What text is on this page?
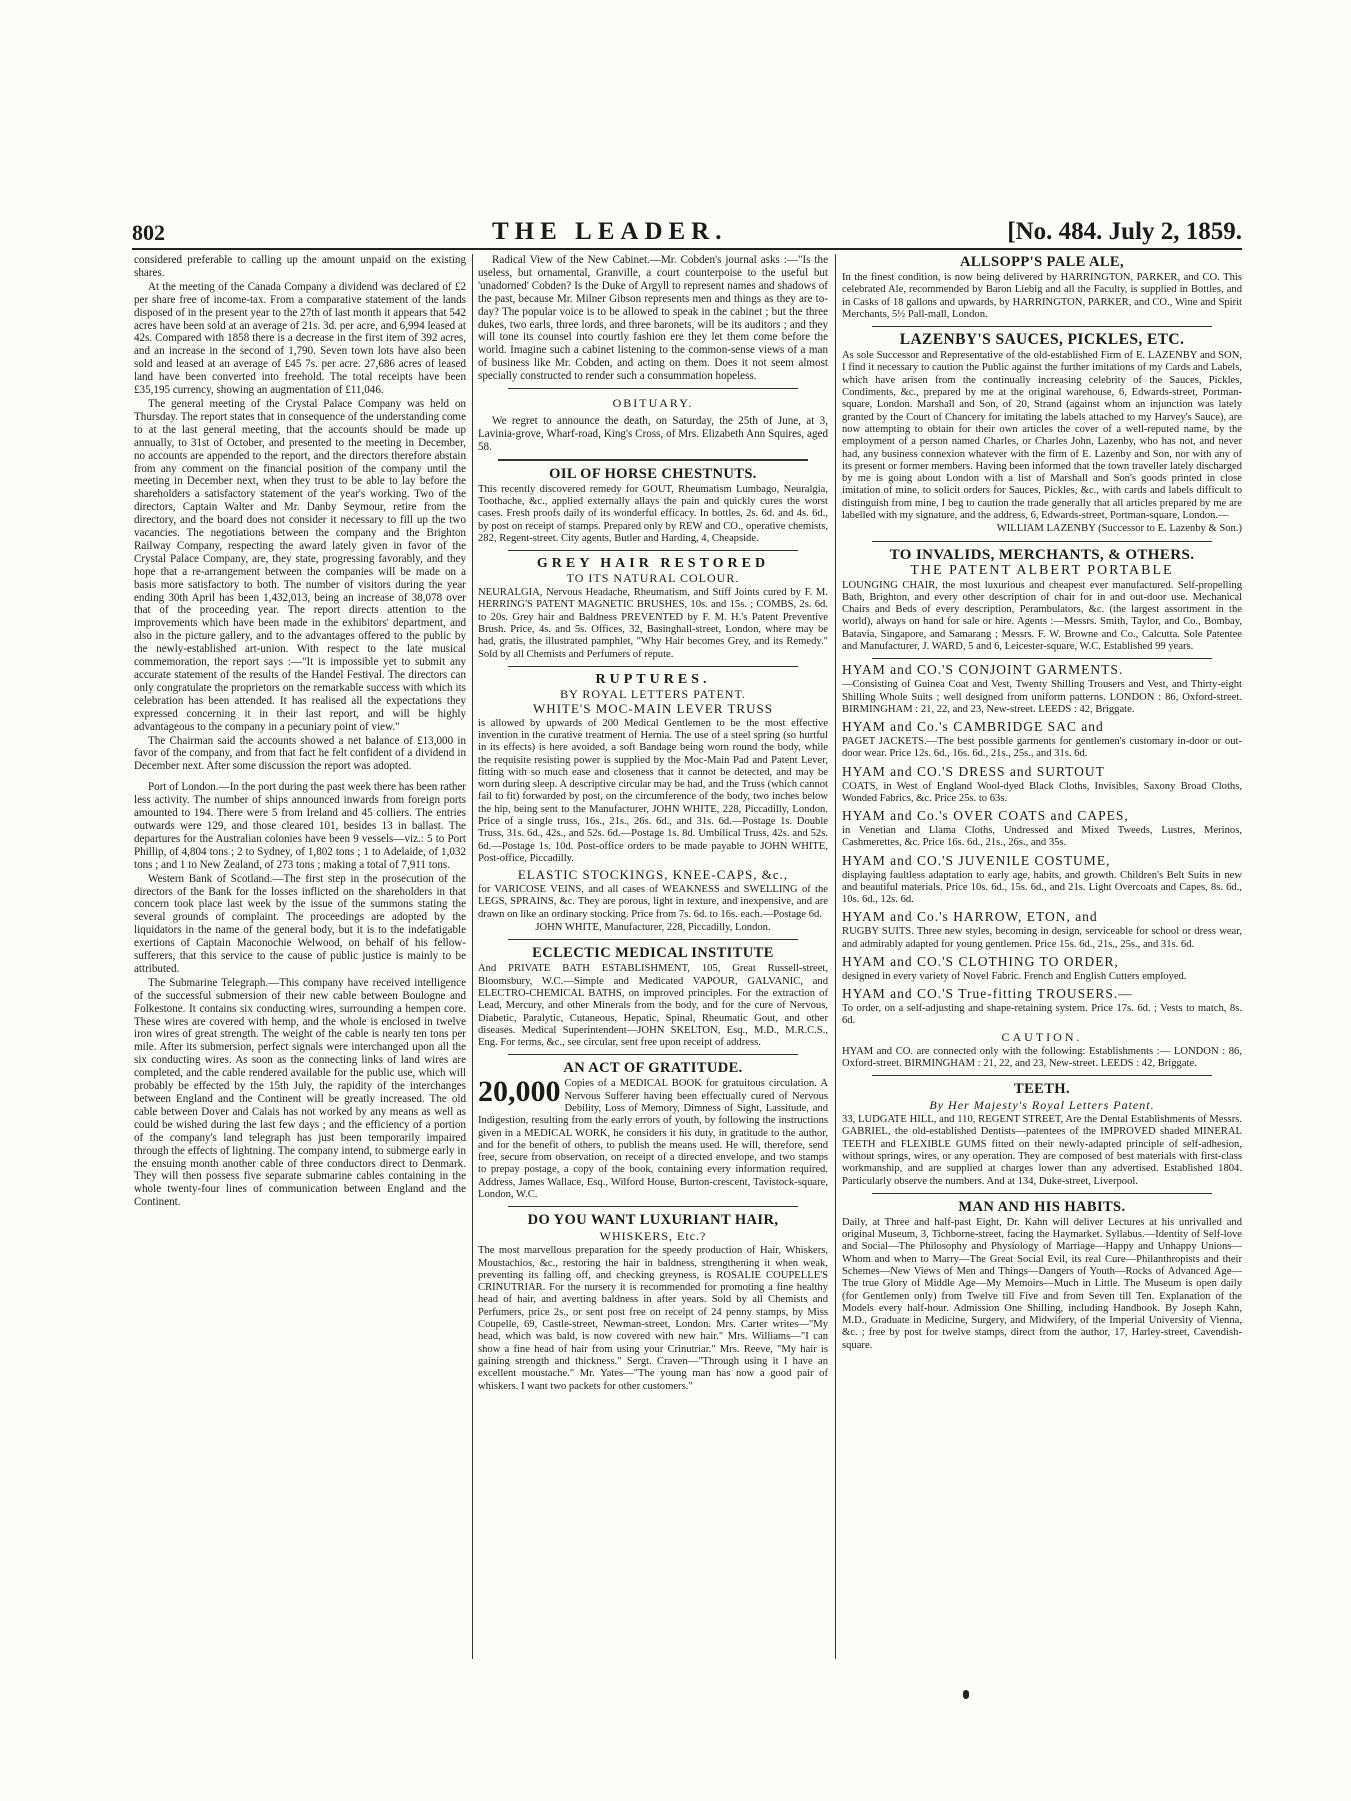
802	THE LEADER.	[No. 484. July 2, 1859.

considered preferable to calling up the amount unpaid on the existing shares.

At the meeting of the Canada Company a dividend was declared of £2 per share free of income-tax. From a comparative statement of the lands disposed of in the present year to the 27th of last month it appears that 542 acres have been sold at an average of 21s. 3d. per acre, and 6,994 leased at 42s. Compared with 1858 there is a decrease in the first item of 392 acres, and an increase in the second of 1,790. Seven town lots have also been sold and leased at an average of £45 7s. per acre. 27,686 acres of leased land have been converted into freehold. The total receipts have been £35,195 currency, showing an augmentation of £11,046.

The general meeting of the Crystal Palace Company was held on Thursday. The report states that in consequence of the understanding come to at the last general meeting, that the accounts should be made up annually, to 31st of October, and presented to the meeting in December, no accounts are appended to the report, and the directors therefore abstain from any comment on the financial position of the company until the meeting in December next, when they trust to be able to lay before the shareholders a satisfactory statement of the year's working. Two of the directors, Captain Walter and Mr. Danby Seymour, retire from the directory, and the board does not consider it necessary to fill up the two vacancies. The negotiations between the company and the Brighton Railway Company, respecting the award lately given in favor of the Crystal Palace Company, are, they state, progressing favorably, and they hope that a re-arrangement between the companies will be made on a basis more satisfactory to both. The number of visitors during the year ending 30th April has been 1,432,013, being an increase of 38,078 over that of the proceeding year. The report directs attention to the improvements which have been made in the exhibitors' department, and also in the picture gallery, and to the advantages offered to the public by the newly-established art-union. With respect to the late musical commemoration, the report says :—"It is impossible yet to submit any accurate statement of the results of the Handel Festival. The directors can only congratulate the proprietors on the remarkable success with which its celebration has been attended. It has realised all the expectations they expressed concerning it in their last report, and will be highly advantageous to the company in a pecuniary point of view."

The Chairman said the accounts showed a net balance of £13,000 in favor of the company, and from that fact he felt confident of a dividend in December next. After some discussion the report was adopted.

Port of London.—In the port during the past week there has been rather less activity. The number of ships announced inwards from foreign ports amounted to 194. There were 5 from Ireland and 45 colliers. The entries outwards were 129, and those cleared 101, besides 13 in ballast. The departures for the Australian colonies have been 9 vessels—viz.: 5 to Port Phillip, of 4,804 tons ; 2 to Sydney, of 1,802 tons ; 1 to Adelaide, of 1,032 tons ; and 1 to New Zealand, of 273 tons ; making a total of 7,911 tons.

Western Bank of Scotland.—The first step in the prosecution of the directors of the Bank for the losses inflicted on the shareholders in that concern took place last week by the issue of the summons stating the several grounds of complaint. The proceedings are adopted by the liquidators in the name of the general body, but it is to the indefatigable exertions of Captain Maconochie Welwood, on behalf of his fellow-sufferers, that this service to the cause of public justice is mainly to be attributed.

The Submarine Telegraph.—This company have received intelligence of the successful submersion of their new cable between Boulogne and Folkestone. It contains six conducting wires, surrounding a hempen core. These wires are covered with hemp, and the whole is enclosed in twelve iron wires of great strength. The weight of the cable is nearly ten tons per mile. After its submersion, perfect signals were interchanged upon all the six conducting wires. As soon as the connecting links of land wires are completed, and the cable rendered available for the public use, which will probably be effected by the 15th July, the rapidity of the interchanges between England and the Continent will be greatly increased. The old cable between Dover and Calais has not worked by any means as well as could be wished during the last few days ; and the efficiency of a portion of the company's land telegraph has just been temporarily impaired through the effects of lightning. The company intend, to submerge early in the ensuing month another cable of three conductors direct to Denmark. They will then possess five separate submarine cables containing in the whole twenty-four lines of communication between England and the Continent.

Radical View of the New Cabinet.—Mr. Cobden's journal asks :—"Is the useless, but ornamental, Granville, a court counterpoise to the useful but 'unadorned' Cobden? Is the Duke of Argyll to represent names and shadows of the past, because Mr. Milner Gibson represents men and things as they are to-day? The popular voice is to be allowed to speak in the cabinet ; but the three dukes, two earls, three lords, and three baronets, will be its auditors ; and they will tone its counsel into courtly fashion ere they let them come before the world. Imagine such a cabinet listening to the common-sense views of a man of business like Mr. Cobden, and acting on them. Does it not seem almost specially constructed to render such a consummation hopeless.

OBITUARY.

We regret to announce the death, on Saturday, the 25th of June, at 3, Lavinia-grove, Wharf-road, King's Cross, of Mrs. Elizabeth Ann Squires, aged 58.

OIL OF HORSE CHESTNUTS.

This recently discovered remedy for GOUT, Rheumatism Lumbago, Neuralgia, Toothache, &c., applied externally allays the pain and quickly cures the worst cases. Fresh proofs daily of its wonderful efficacy. In bottles, 2s. 6d. and 4s. 6d., by post on receipt of stamps. Prepared only by REW and CO., operative chemists, 282, Regent-street. City agents, Butler and Harding, 4, Cheapside.

GREY HAIR RESTORED
TO ITS NATURAL COLOUR.

NEURALGIA, Nervous Headache, Rheumatism, and Stiff Joints cured by F. M. HERRING'S PATENT MAGNETIC BRUSHES, 10s. and 15s. ; COMBS, 2s. 6d. to 20s. Grey hair and Baldness PREVENTED by F. M. H.'s Patent Preventive Brush. Price, 4s. and 5s. Offices, 32, Basinghall-street, London, where may be had, gratis, the illustrated pamphlet, "Why Hair becomes Grey, and its Remedy." Sold by all Chemists and Perfumers of repute.

RUPTURES.
BY ROYAL LETTERS PATENT.
WHITE'S MOC-MAIN LEVER TRUSS

is allowed by upwards of 200 Medical Gentlemen to be the most effective invention in the curative treatment of Hernia. The use of a steel spring (so hurtful in its effects) is here avoided, a soft Bandage being worn round the body, while the requisite resisting power is supplied by the Moc-Main Pad and Patent Lever, fitting with so much ease and closeness that it cannot be detected, and may be worn during sleep. A descriptive circular may be had, and the Truss (which cannot fail to fit) forwarded by post, on the circumference of the body, two inches below the hip, being sent to the Manufacturer, JOHN WHITE, 228, Piccadilly, London. Price of a single truss, 16s., 21s., 26s. 6d., and 31s. 6d.—Postage 1s. Double Truss, 31s. 6d., 42s., and 52s. 6d.—Postage 1s. 8d. Umbilical Truss, 42s. and 52s. 6d.—Postage 1s. 10d. Post-office orders to be made payable to JOHN WHITE, Post-office, Piccadilly.

ELASTIC STOCKINGS, KNEE-CAPS, &c.,

for VARICOSE VEINS, and all cases of WEAKNESS and SWELLING of the LEGS, SPRAINS, &c. They are porous, light in texture, and inexpensive, and are drawn on like an ordinary stocking. Price from 7s. 6d. to 16s. each.—Postage 6d.

JOHN WHITE, Manufacturer, 228, Piccadilly, London.

ECLECTIC MEDICAL INSTITUTE

And PRIVATE BATH ESTABLISHMENT, 105, Great Russell-street, Bloomsbury, W.C.—Simple and Medicated VAPOUR, GALVANIC, and ELECTRO-CHEMICAL BATHS, on improved principles. For the extraction of Lead, Mercury, and other Minerals from the body, and for the cure of Nervous, Diabetic, Paralytic, Cutaneous, Hepatic, Spinal, Rheumatic Gout, and other diseases. Medical Superintendent—JOHN SKELTON, Esq., M.D., M.R.C.S., Eng. For terms, &c., see circular, sent free upon receipt of address.

AN ACT OF GRATITUDE.

20,000 Copies of a MEDICAL BOOK for gratuitous circulation. A Nervous Sufferer having been effectually cured of Nervous Debility, Loss of Memory, Dimness of Sight, Lassitude, and Indigestion, resulting from the early errors of youth, by following the instructions given in a MEDICAL WORK, he considers it his duty, in gratitude to the author, and for the benefit of others, to publish the means used. He will, therefore, send free, secure from observation, on receipt of a directed envelope, and two stamps to prepay postage, a copy of the book, containing every information required. Address, James Wallace, Esq., Wilford House, Burton-crescent, Tavistock-square, London, W.C.

DO YOU WANT LUXURIANT HAIR,
WHISKERS, Etc.?

The most marvellous preparation for the speedy production of Hair, Whiskers, Moustachios, &c., restoring the hair in baldness, strengthening it when weak, preventing its falling off, and checking greyness, is ROSALIE COUPELLE'S CRINUTRIAR. For the nursery it is recommended for promoting a fine healthy head of hair, and averting baldness in after years. Sold by all Chemists and Perfumers, price 2s., or sent post free on receipt of 24 penny stamps, by Miss Coupelle, 69, Castle-street, Newman-street, London. Mrs. Carter writes—"My head, which was bald, is now covered with new hair." Mrs. Williams—"I can show a fine head of hair from using your Crinutriar." Mrs. Reeve, "My hair is gaining strength and thickness." Sergt. Craven—"Through using it I have an excellent moustache." Mr. Yates—"The young man has now a good pair of whiskers. I want two packets for other customers."

ALLSOPP'S PALE ALE,

In the finest condition, is now being delivered by HARRINGTON, PARKER, and CO. This celebrated Ale, recommended by Baron Liebig and all the Faculty, is supplied in Bottles, and in Casks of 18 gallons and upwards, by HARRINGTON, PARKER, and CO., Wine and Spirit Merchants, 5½ Pall-mall, London.

LAZENBY'S SAUCES, PICKLES, ETC.

As sole Successor and Representative of the old-established Firm of E. LAZENBY and SON, I find it necessary to caution the Public against the further imitations of my Cards and Labels, which have arisen from the continually increasing celebrity of the Sauces, Pickles, Condiments, &c., prepared by me at the original warehouse, 6, Edwards-street, Portman-square, London. Marshall and Son, of 20, Strand (against whom an injunction was lately granted by the Court of Chancery for imitating the labels attached to my Harvey's Sauce), are now attempting to obtain for their own articles the cover of a well-reputed name, by the employment of a person named Charles, or Charles John, Lazenby, who has not, and never had, any business connexion whatever with the firm of E. Lazenby and Son, nor with any of its present or former members. Having been informed that the town traveller lately discharged by me is going about London with a list of Marshall and Son's goods printed in close imitation of mine, to solicit orders for Sauces, Pickles, &c., with cards and labels difficult to distinguish from mine, I beg to caution the trade generally that all articles prepared by me are labelled with my signature, and the address, 6, Edwards-street, Portman-square, London.—

WILLIAM LAZENBY (Successor to E. Lazenby & Son.)

TO INVALIDS, MERCHANTS, & OTHERS.
THE PATENT ALBERT PORTABLE

LOUNGING CHAIR, the most luxurious and cheapest ever manufactured. Self-propelling Bath, Brighton, and every other description of chair for in and out-door use. Mechanical Chairs and Beds of every description, Perambulators, &c. (the largest assortment in the world), always on hand for sale or hire. Agents :—Messrs. Smith, Taylor, and Co., Bombay, Batavia, Singapore, and Samarang ; Messrs. F. W. Browne and Co., Calcutta. Sole Patentee and Manufacturer, J. WARD, 5 and 6, Leicester-square, W.C. Established 99 years.

HYAM and CO.'S CONJOINT GARMENTS.

—Consisting of Guinea Coat and Vest, Twenty Shilling Trousers and Vest, and Thirty-eight Shilling Whole Suits ; well designed from uniform patterns. LONDON : 86, Oxford-street. BIRMINGHAM : 21, 22, and 23, New-street. LEEDS : 42, Briggate.

HYAM and Co.'s CAMBRIDGE SAC and

PAGET JACKETS.—The best possible garments for gentlemen's customary in-door or out-door wear. Price 12s. 6d., 16s. 6d., 21s., 25s., and 31s. 6d.

HYAM and CO.'S DRESS and SURTOUT

COATS, in West of England Wool-dyed Black Cloths, Invisibles, Saxony Broad Cloths, Wonded Fabrics, &c. Price 25s. to 63s.

HYAM and Co.'s OVER COATS and CAPES,

in Venetian and Llama Cloths, Undressed and Mixed Tweeds, Lustres, Merinos, Cashmerettes, &c. Price 16s. 6d., 21s., 26s., and 35s.

HYAM and CO.'S JUVENILE COSTUME,

displaying faultless adaptation to early age, habits, and growth. Children's Belt Suits in new and beautiful materials. Price 10s. 6d., 15s. 6d., and 21s. Light Overcoats and Capes, 8s. 6d., 10s. 6d., 12s. 6d.

HYAM and Co.'s HARROW, ETON, and

RUGBY SUITS. Three new styles, becoming in design, serviceable for school or dress wear, and admirably adapted for young gentlemen. Price 15s. 6d., 21s., 25s., and 31s. 6d.

HYAM and CO.'S CLOTHING TO ORDER,

designed in every variety of Novel Fabric. French and English Cutters employed.

HYAM and CO.'S True-fitting TROUSERS.—

To order, on a self-adjusting and shape-retaining system. Price 17s. 6d. ; Vests to match, 8s. 6d.

CAUTION.

HYAM and CO. are connected only with the following: Establishments :— LONDON : 86, Oxford-street. BIRMINGHAM : 21, 22, and 23, New-street. LEEDS : 42, Briggate.

TEETH.
By Her Majesty's Royal Letters Patent.

33, LUDGATE HILL, and 110, REGENT STREET, Are the Dental Establishments of Messrs. GABRIEL, the old-established Dentists—patentees of the IMPROVED shaded MINERAL TEETH and FLEXIBLE GUMS fitted on their newly-adapted principle of self-adhesion, without springs, wires, or any operation. They are composed of best materials with first-class workmanship, and are supplied at charges lower than any advertised. Established 1804. Particularly observe the numbers. And at 134, Duke-street, Liverpool.

MAN AND HIS HABITS.

Daily, at Three and half-past Eight, Dr. Kahn will deliver Lectures at his unrivalled and original Museum, 3, Tichborne-street, facing the Haymarket. Syllabus.—Identity of Self-love and Social—The Philosophy and Physiology of Marriage—Happy and Unhappy Unions—Whom and when to Marry—The Great Social Evil, its real Cure—Philanthropists and their Schemes—New Views of Men and Things—Dangers of Youth—Rocks of Advanced Age—The true Glory of Middle Age—My Memoirs—Much in Little. The Museum is open daily (for Gentlemen only) from Twelve till Five and from Seven till Ten. Explanation of the Models every half-hour. Admission One Shilling, including Handbook. By Joseph Kahn, M.D., Graduate in Medicine, Surgery, and Midwifery, of the Imperial University of Vienna, &c. ; free by post for twelve stamps, direct from the author, 17, Harley-street, Cavendish-square.
